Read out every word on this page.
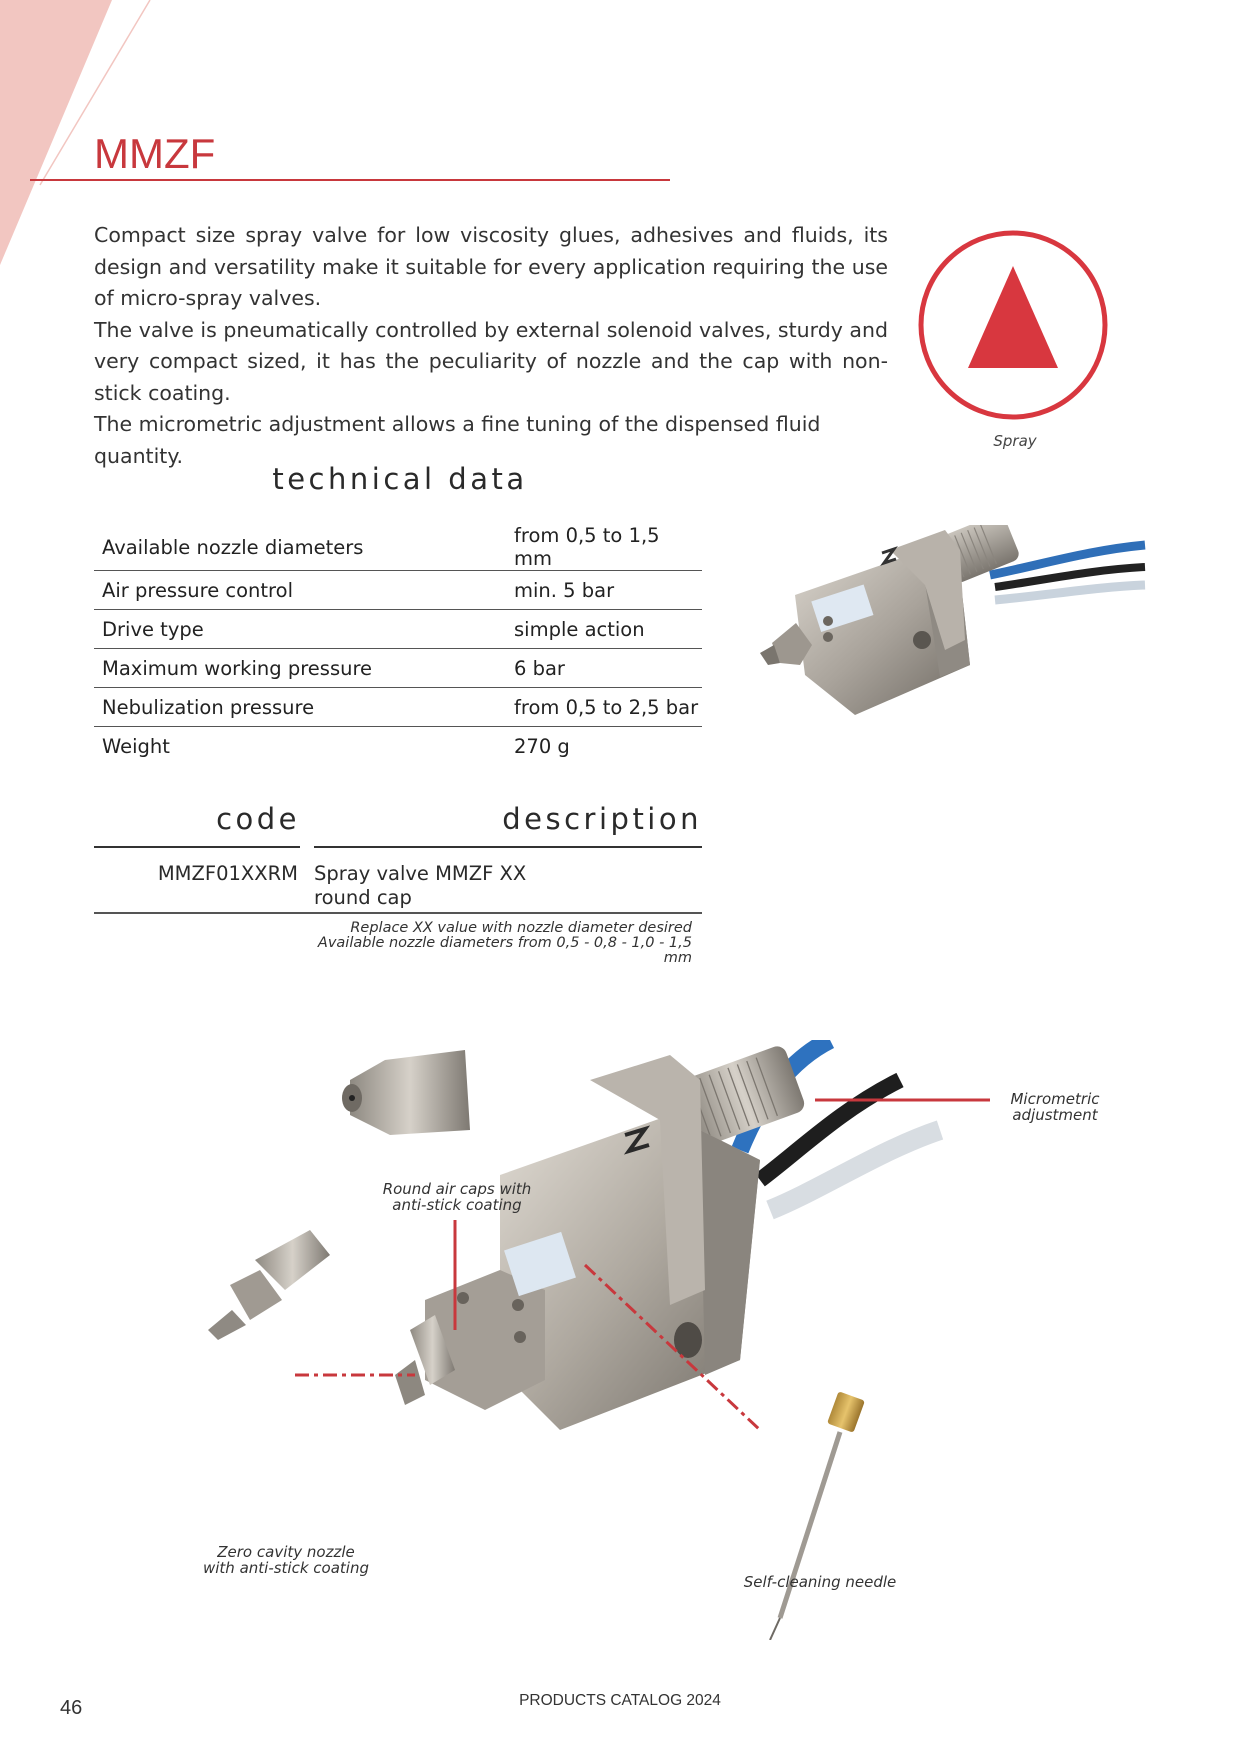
MMZF

Compact size spray valve for low viscosity glues, adhesives and fluids, its design and versatility make it suitable for every application requiring the use of micro-spray valves.

The valve is pneumatically controlled by external solenoid valves, sturdy and very compact sized, it has the peculiarity of nozzle and the cap with non-stick coating.

The micrometric adjustment allows a fine tuning of the dispensed fluid quantity.

Spray
technical data
Available nozzle diameters	from 0,5 to 1,5 mm
Air pressure control	min. 5 bar
Drive type	simple action
Maximum working pressure	6 bar
Nebulization pressure	from 0,5 to 2,5 bar
Weight	270 g
code	description
MMZF01XXRM Spray valve MMZF XX
round cap
Replace XX value with nozzle diameter desired
Available nozzle diameters from 0,5 - 0,8 - 1,0 - 1,5 mm
Micrometric
adjustment
Round air caps with
anti-stick coating
Zero cavity nozzle
with anti-stick coating
Self-cleaning needle
46	PRODUCTS CATALOG 2024
